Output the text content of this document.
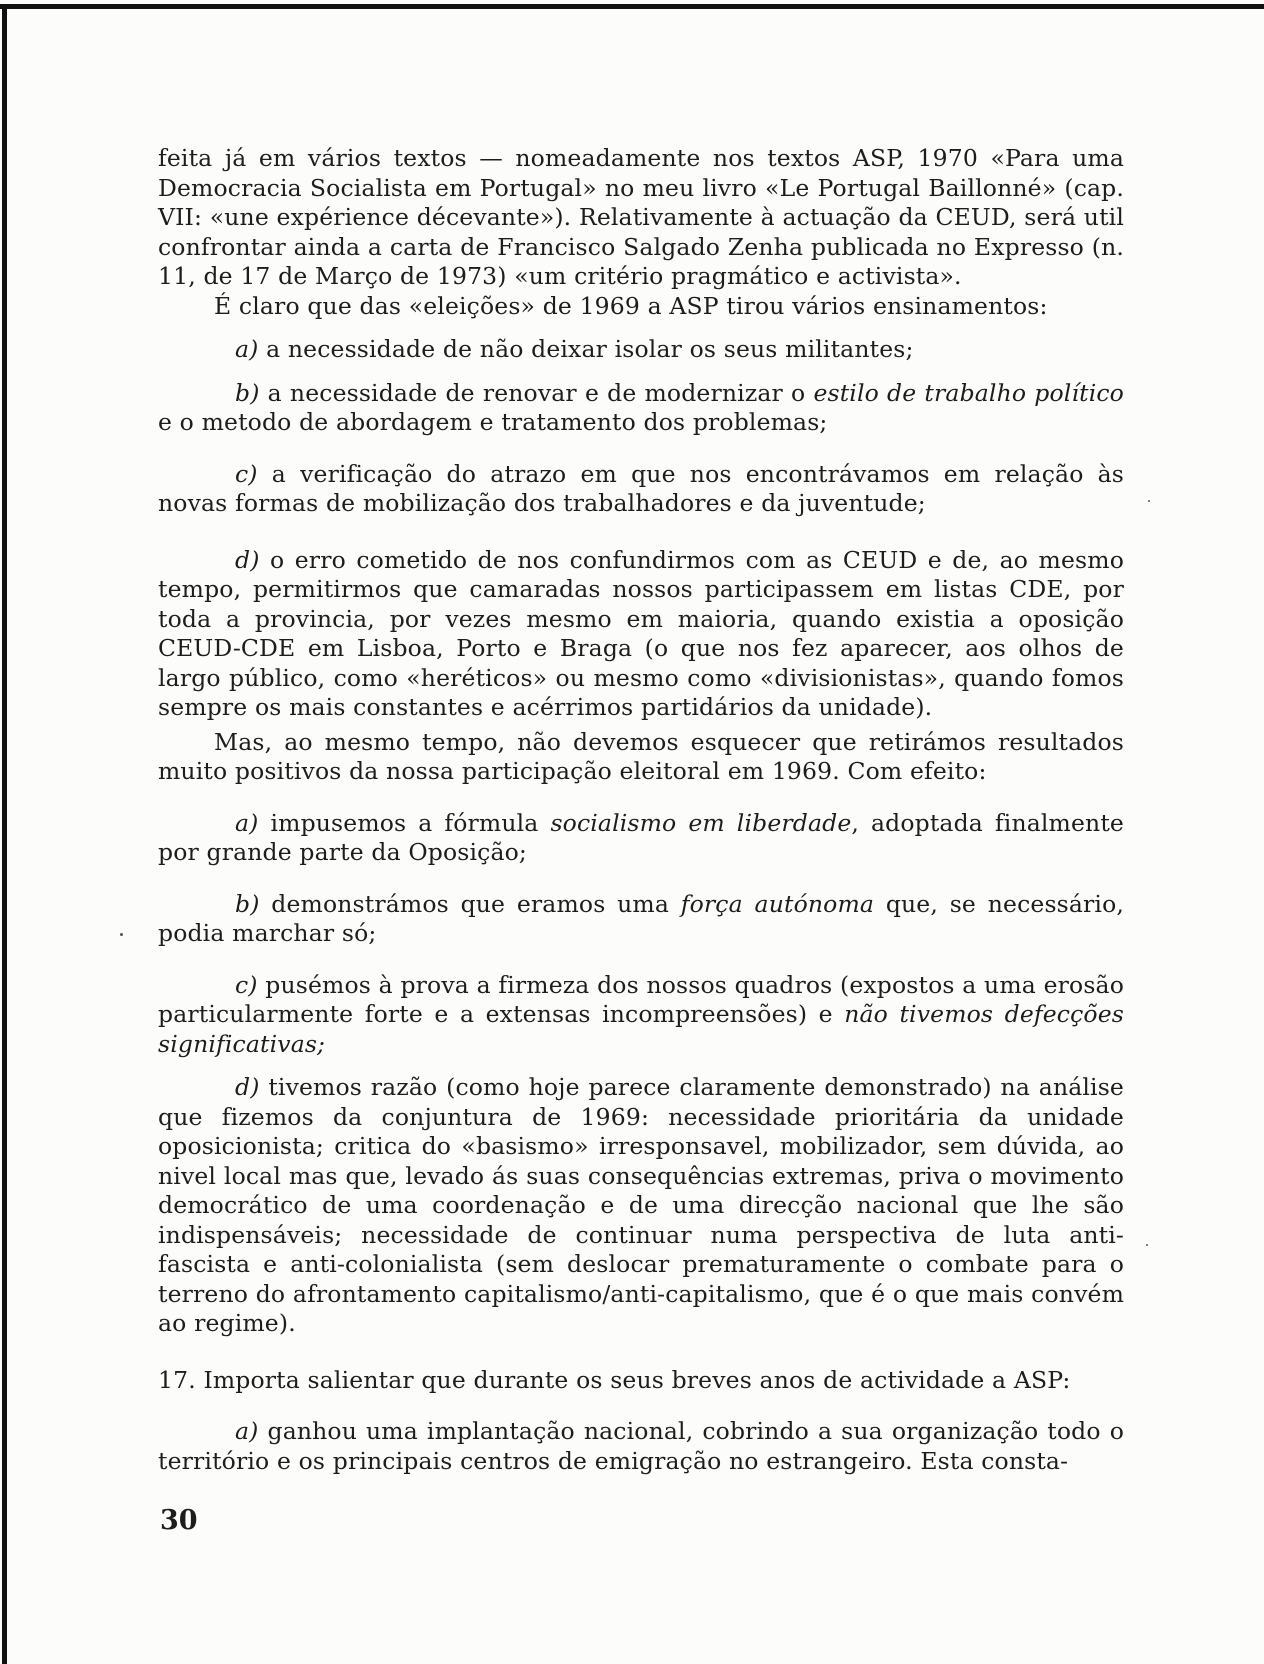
feita já em vários textos — nomeadamente nos textos ASP, 1970 «Para uma Democracia Socialista em Portugal» no meu livro «Le Portugal Baillonné» (cap. VII: «une expérience décevante»). Relativamente à actuação da CEUD, será util confrontar ainda a carta de Francisco Salgado Zenha publicada no Expresso (n. 11, de 17 de Março de 1973) «um critério pragmático e activista».

É claro que das «eleições» de 1969 a ASP tirou vários ensinamentos:

a) a necessidade de não deixar isolar os seus militantes;

b) a necessidade de renovar e de modernizar o estilo de trabalho político e o metodo de abordagem e tratamento dos problemas;

c) a verificação do atrazo em que nos encontrávamos em relação às novas formas de mobilização dos trabalhadores e da juventude;

d) o erro cometido de nos confundirmos com as CEUD e de, ao mesmo tempo, permitirmos que camaradas nossos participassem em listas CDE, por toda a provincia, por vezes mesmo em maioria, quando existia a oposição CEUD-CDE em Lisboa, Porto e Braga (o que nos fez aparecer, aos olhos de largo público, como «heréticos» ou mesmo como «divisionistas», quando fomos sempre os mais constantes e acérrimos partidários da unidade).

Mas, ao mesmo tempo, não devemos esquecer que retirámos resultados muito positivos da nossa participação eleitoral em 1969. Com efeito:

a) impusemos a fórmula socialismo em liberdade, adoptada finalmente por grande parte da Oposição;

b) demonstrámos que eramos uma força autónoma que, se necessário, podia marchar só;

c) pusémos à prova a firmeza dos nossos quadros (expostos a uma erosão particularmente forte e a extensas incompreensões) e não tivemos defecções significativas;

d) tivemos razão (como hoje parece claramente demonstrado) na análise que fizemos da conjuntura de 1969: necessidade prioritária da unidade oposicionista; critica do «basismo» irresponsavel, mobilizador, sem dúvida, ao nivel local mas que, levado ás suas consequências extremas, priva o movimento democrático de uma coordenação e de uma direcção nacional que lhe são indispensáveis; necessidade de continuar numa perspectiva de luta anti-fascista e anti-colonialista (sem deslocar prematuramente o combate para o terreno do afrontamento capitalismo/anti-capitalismo, que é o que mais convém ao regime).

17. Importa salientar que durante os seus breves anos de actividade a ASP:

a) ganhou uma implantação nacional, cobrindo a sua organização todo o território e os principais centros de emigração no estrangeiro. Esta consta-

30
